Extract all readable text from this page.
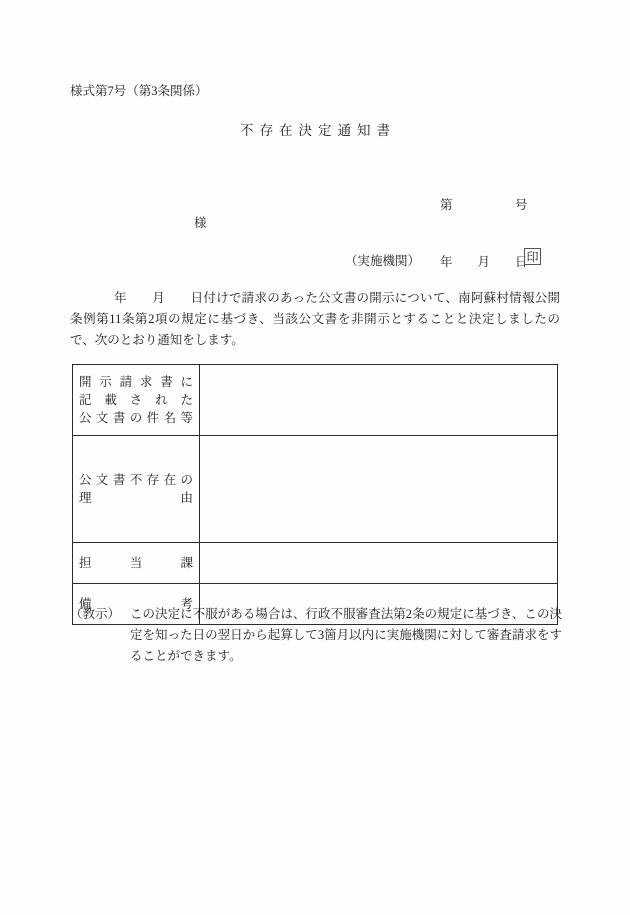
様式第7号（第3条関係）
不存在決定通知書

第　　　　　号

年　　月　　日

様
（実施機関）	印
年　　月　　日付けで請求のあった公文書の開示について、南阿蘇村情報公開条例第11条第2項の規定に基づき、当該公文書を非開示とすることと決定しましたので、次のとおり通知をします。
開示請求書に
記載された
公文書の件名等	

公文書不存在の
理由	

担当課	

備考	

（教示） この決定に不服がある場合は、行政不服審査法第2条の規定に基づき、この決定を知った日の翌日から起算して3箇月以内に実施機関に対して審査請求をすることができます。
